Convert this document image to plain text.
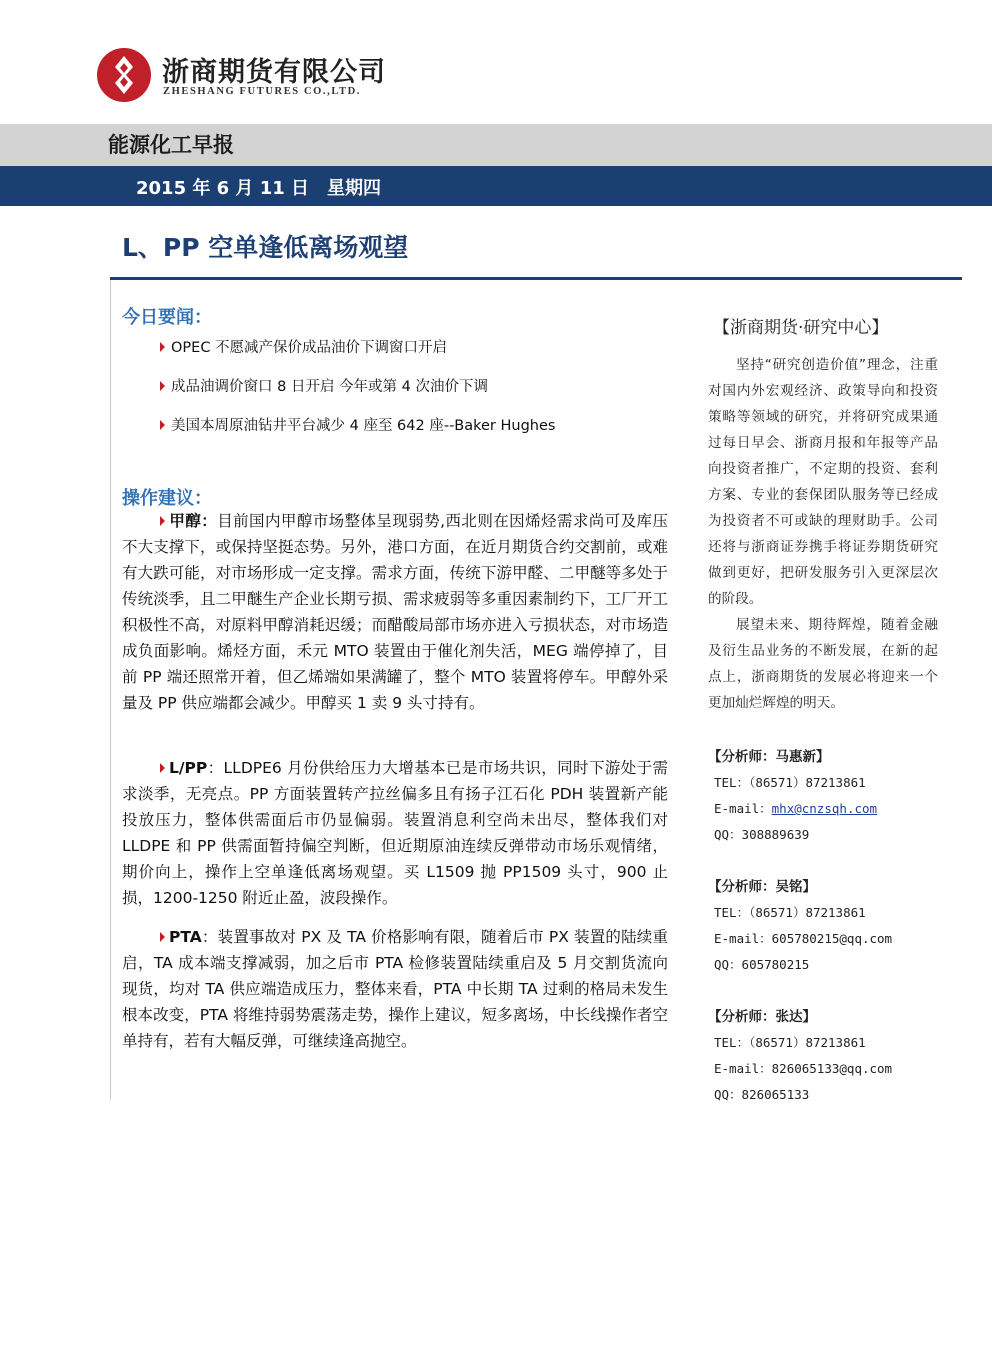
浙商期货有限公司
ZHESHANG FUTURES CO.,LTD.
能源化工早报
2015 年 6 月 11 日 星期四
L、PP 空单逢低离场观望
今日要闻：
OPEC 不愿减产保价成品油价下调窗口开启
成品油调价窗口 8 日开启 今年或第 4 次油价下调
美国本周原油钻井平台减少 4 座至 642 座--Baker Hughes
操作建议：
甲醇：目前国内甲醇市场整体呈现弱势,西北则在因烯烃需求尚可及库压不大支撑下，或保持坚挺态势。另外，港口方面，在近月期货合约交割前，或难有大跌可能，对市场形成一定支撑。需求方面，传统下游甲醛、二甲醚等多处于传统淡季，且二甲醚生产企业长期亏损、需求疲弱等多重因素制约下，工厂开工积极性不高，对原料甲醇消耗迟缓；而醋酸局部市场亦进入亏损状态，对市场造成负面影响。烯烃方面，禾元 MTO 装置由于催化剂失活，MEG 端停掉了，目前 PP 端还照常开着，但乙烯端如果满罐了，整个 MTO 装置将停车。甲醇外采量及 PP 供应端都会减少。甲醇买 1 卖 9 头寸持有。
L/PP：LLDPE6 月份供给压力大增基本已是市场共识，同时下游处于需求淡季，无亮点。PP 方面装置转产拉丝偏多且有扬子江石化 PDH 装置新产能投放压力，整体供需面后市仍显偏弱。装置消息利空尚未出尽，整体我们对 LLDPE 和 PP 供需面暂持偏空判断，但近期原油连续反弹带动市场乐观情绪，期价向上，操作上空单逢低离场观望。买 L1509 抛 PP1509 头寸，900 止损，1200-1250 附近止盈，波段操作。
PTA：装置事故对 PX 及 TA 价格影响有限，随着后市 PX 装置的陆续重启，TA 成本端支撑减弱，加之后市 PTA 检修装置陆续重启及 5 月交割货流向现货，均对 TA 供应端造成压力，整体来看，PTA 中长期 TA 过剩的格局未发生根本改变，PTA 将维持弱势震荡走势，操作上建议，短多离场，中长线操作者空单持有，若有大幅反弹，可继续逢高抛空。
【浙商期货·研究中心】
坚持“研究创造价值”理念，注重对国内外宏观经济、政策导向和投资策略等领域的研究，并将研究成果通过每日早会、浙商月报和年报等产品向投资者推广，不定期的投资、套利方案、专业的套保团队服务等已经成为投资者不可或缺的理财助手。公司还将与浙商证券携手将证券期货研究做到更好，把研发服务引入更深层次的阶段。
展望未来、期待辉煌，随着金融及衍生品业务的不断发展，在新的起点上，浙商期货的发展必将迎来一个更加灿烂辉煌的明天。
【分析师：马惠新】
TEL：（86571）87213861
E-mail：mhx@cnzsqh.com
QQ：308889639
【分析师：吴铭】
TEL：（86571）87213861
E-mail：605780215@qq.com
QQ：605780215
【分析师：张达】
TEL：（86571）87213861
E-mail：826065133@qq.com
QQ：826065133
